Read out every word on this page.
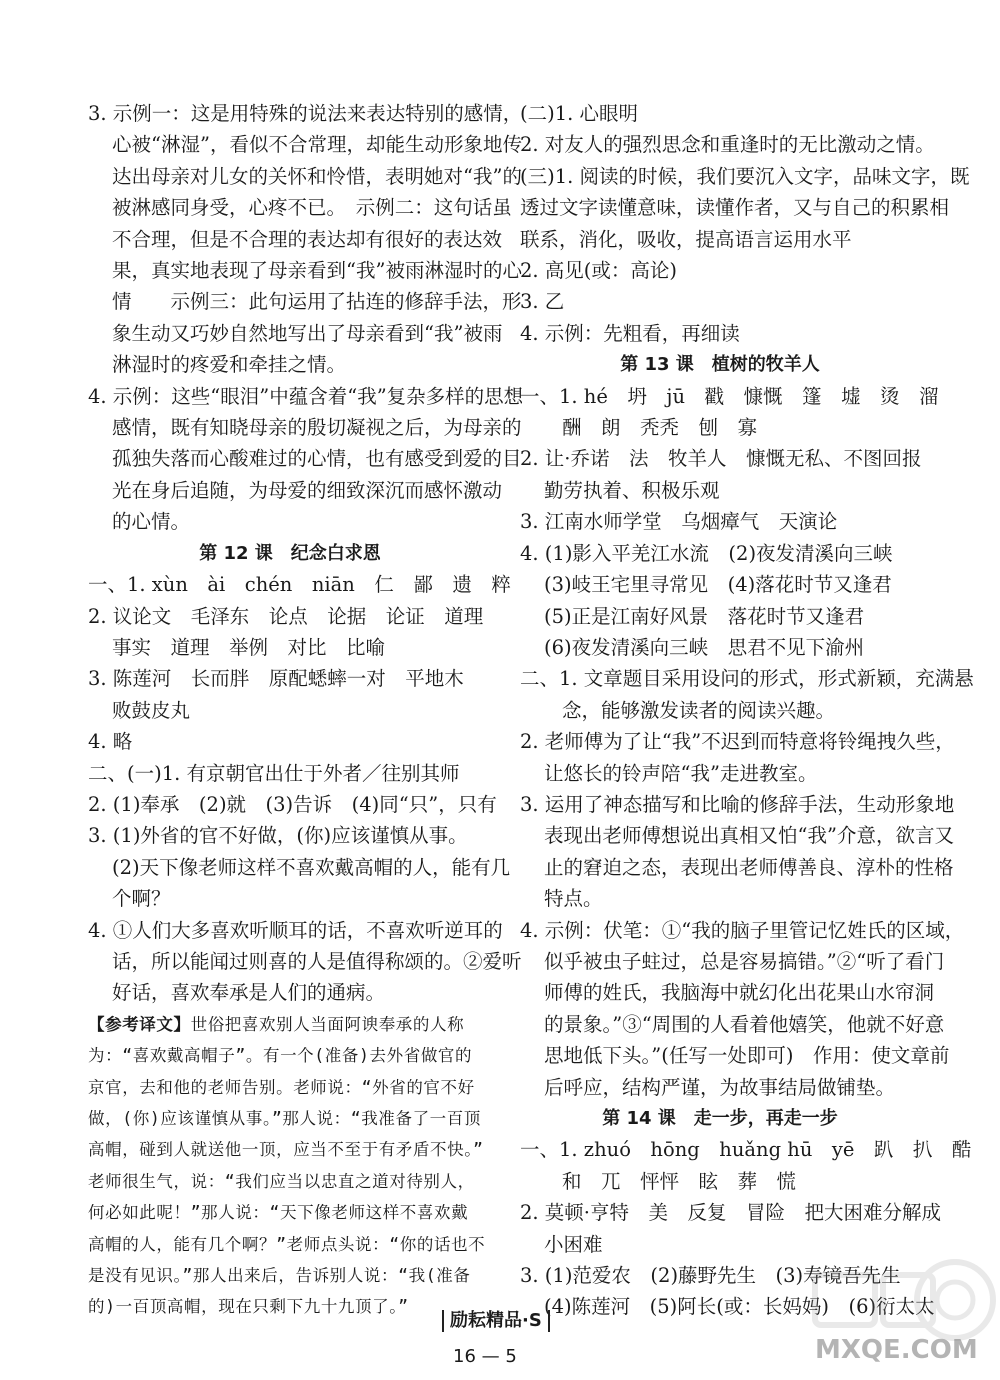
3. 示例一：这是用特殊的说法来表达特别的感情，
心被“淋湿”，看似不合常理，却能生动形象地传
达出母亲对儿女的关怀和怜惜，表明她对“我”的
被淋感同身受，心疼不已。　示例二：这句话虽
不合理，但是不合理的表达却有很好的表达效
果，真实地表现了母亲看到“我”被雨淋湿时的心
情　　示例三：此句运用了拈连的修辞手法，形
象生动又巧妙自然地写出了母亲看到“我”被雨
淋湿时的疼爱和牵挂之情。
4. 示例：这些“眼泪”中蕴含着“我”复杂多样的思想
感情，既有知晓母亲的殷切凝视之后，为母亲的
孤独失落而心酸难过的心情，也有感受到爱的目
光在身后追随，为母爱的细致深沉而感怀激动
的心情。
第 12 课　纪念白求恩
一、1. xùn　ài　chén　niān　仁　鄙　遗　粹
2. 议论文　毛泽东　论点　论据　论证　道理
事实　道理　举例　对比　比喻
3. 陈莲河　长而胖　原配蟋蟀一对　平地木
败鼓皮丸
4. 略
二、(一)1. 有京朝官出仕于外者／往别其师
2. (1)奉承　(2)就　(3)告诉　(4)同“只”，只有
3. (1)外省的官不好做，(你)应该谨慎从事。
(2)天下像老师这样不喜欢戴高帽的人，能有几
个啊？
4. ①人们大多喜欢听顺耳的话，不喜欢听逆耳的
话，所以能闻过则喜的人是值得称颂的。②爱听
好话，喜欢奉承是人们的通病。
【参考译文】世俗把喜欢别人当面阿谀奉承的人称
为：“喜欢戴高帽子”。有一个(准备)去外省做官的
京官，去和他的老师告别。老师说：“外省的官不好
做，(你)应该谨慎从事。”那人说：“我准备了一百顶
高帽，碰到人就送他一顶，应当不至于有矛盾不快。”
老师很生气，说：“我们应当以忠直之道对待别人，
何必如此呢！”那人说：“天下像老师这样不喜欢戴
高帽的人，能有几个啊？”老师点头说：“你的话也不
是没有见识。”那人出来后，告诉别人说：“我(准备
的)一百顶高帽，现在只剩下九十九顶了。”
(二)1. 心眼明
2. 对友人的强烈思念和重逢时的无比激动之情。
(三)1. 阅读的时候，我们要沉入文字，品味文字，既
透过文字读懂意味，读懂作者，又与自己的积累相
联系，消化，吸收，提高语言运用水平
2. 高见(或：高论)
3. 乙
4. 示例：先粗看，再细读
第 13 课　植树的牧羊人
一、1. hé　坍　jū　戳　慷慨　篷　墟　烫　溜
酬　朗　秃秃　刨　寡
2. 让·乔诺　法　牧羊人　慷慨无私、不图回报
勤劳执着、积极乐观
3. 江南水师学堂　乌烟瘴气　天演论
4. (1)影入平羌江水流　(2)夜发清溪向三峡
(3)岐王宅里寻常见　(4)落花时节又逢君
(5)正是江南好风景　落花时节又逢君
(6)夜发清溪向三峡　思君不见下渝州
二、1. 文章题目采用设问的形式，形式新颖，充满悬
念，能够激发读者的阅读兴趣。
2. 老师傅为了让“我”不迟到而特意将铃绳拽久些，
让悠长的铃声陪“我”走进教室。
3. 运用了神态描写和比喻的修辞手法，生动形象地
表现出老师傅想说出真相又怕“我”介意，欲言又
止的窘迫之态，表现出老师傅善良、淳朴的性格
特点。
4. 示例：伏笔：①“我的脑子里管记忆姓氏的区域，
似乎被虫子蛀过，总是容易搞错。”②“听了看门
师傅的姓氏，我脑海中就幻化出花果山水帘洞
的景象。”③“周围的人看着他嬉笑，他就不好意
思地低下头。”(任写一处即可)　作用：使文章前
后呼应，结构严谨，为故事结局做铺垫。
第 14 课　走一步，再走一步
一、1. zhuó　hōng　huǎng hū　yē　趴　扒　酷
和　兀　怦怦　眩　葬　慌
2. 莫顿·亨特　美　反复　冒险　把大困难分解成
小困难
3. (1)范爱农　(2)藤野先生　(3)寿镜吾先生
(4)陈莲河　(5)阿长(或：长妈妈)　(6)衍太太
MXQE.COM
励耘精品·S
16 — 5
